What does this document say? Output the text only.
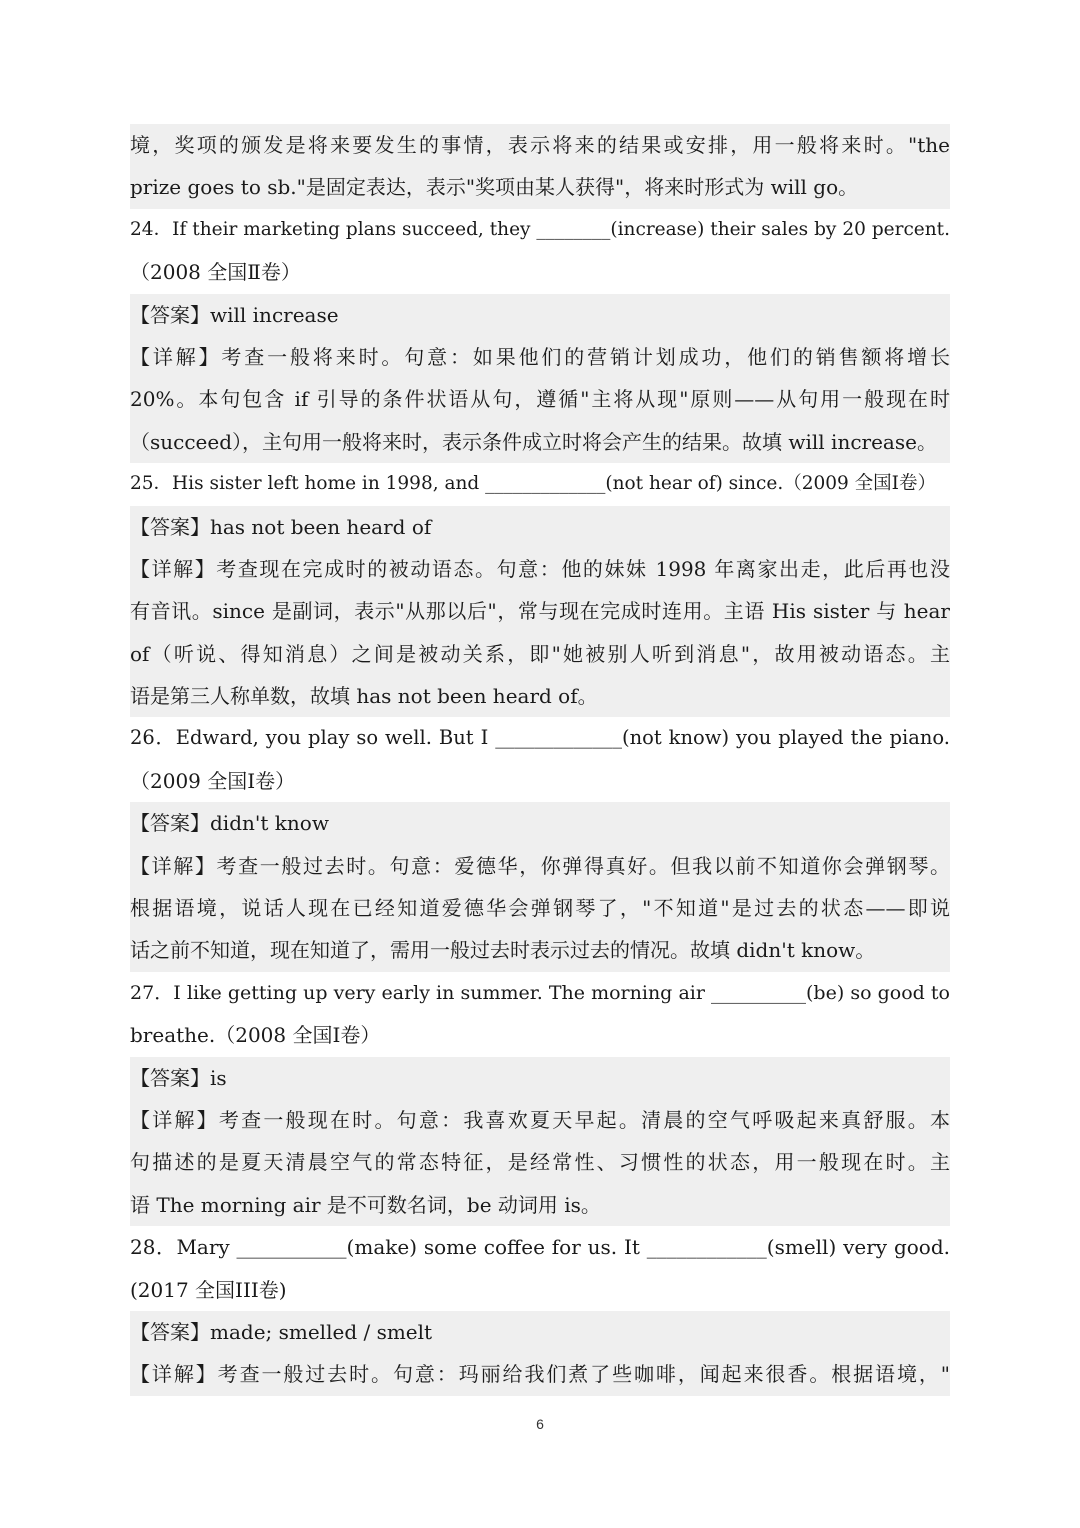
境，奖项的颁发是将来要发生的事情，表示将来的结果或安排，用一般将来时。"the
prize goes to sb."是固定表达，表示"奖项由某人获得"，将来时形式为 will go。
24．If their marketing plans succeed, they ________(increase) their sales by 20 percent.
（2008 全国Ⅱ卷）
【答案】will increase
【详解】考查一般将来时。句意：如果他们的营销计划成功，他们的销售额将增长
20%。本句包含 if 引导的条件状语从句，遵循"主将从现"原则——从句用一般现在时
（succeed），主句用一般将来时，表示条件成立时将会产生的结果。故填 will increase。
25．His sister left home in 1998, and _____________(not hear of) since.（2009 全国Ⅰ卷）
【答案】has not been heard of
【详解】考查现在完成时的被动语态。句意：他的妹妹 1998 年离家出走，此后再也没
有音讯。since 是副词，表示"从那以后"，常与现在完成时连用。主语 His sister 与 hear
of（听说、得知消息）之间是被动关系，即"她被别人听到消息"，故用被动语态。主
语是第三人称单数，故填 has not been heard of。
26．Edward, you play so well. But I _____________(not know) you played the piano.
（2009 全国Ⅰ卷）
【答案】didn't know
【详解】考查一般过去时。句意：爱德华，你弹得真好。但我以前不知道你会弹钢琴。
根据语境，说话人现在已经知道爱德华会弹钢琴了，"不知道"是过去的状态——即说
话之前不知道，现在知道了，需用一般过去时表示过去的情况。故填 didn't know。
27．I like getting up very early in summer. The morning air __________(be) so good to
breathe.（2008 全国Ⅰ卷）
【答案】is
【详解】考查一般现在时。句意：我喜欢夏天早起。清晨的空气呼吸起来真舒服。本
句描述的是夏天清晨空气的常态特征，是经常性、习惯性的状态，用一般现在时。主
语 The morning air 是不可数名词，be 动词用 is。
28．Mary ___________(make) some coffee for us. It ____________(smell) very good.
(2017 全国III卷)
【答案】made; smelled / smelt
【详解】考查一般过去时。句意：玛丽给我们煮了些咖啡，闻起来很香。根据语境，"
6
